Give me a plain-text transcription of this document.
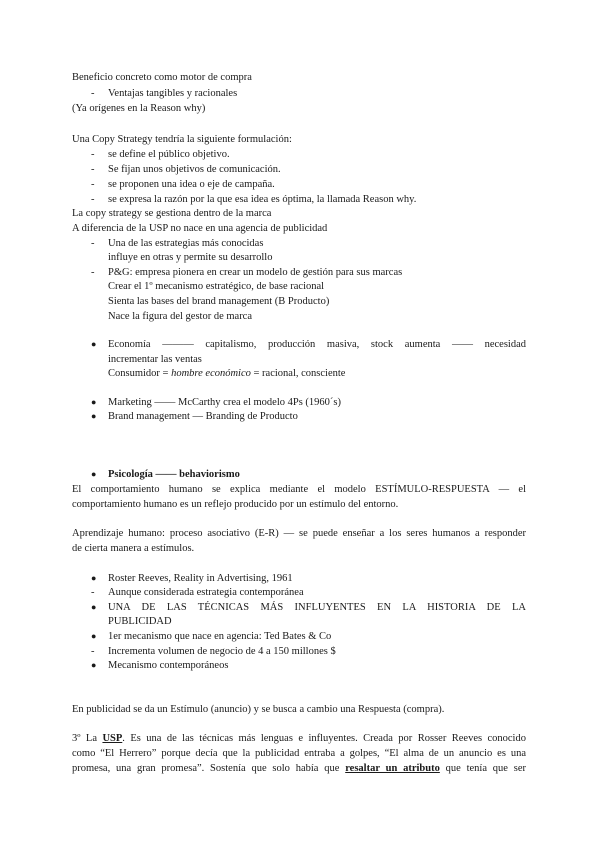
Beneficio concreto como motor de compra
- Ventajas tangibles y racionales
(Ya orígenes en la Reason why)
Una Copy Strategy tendría la siguiente formulación:
- se define el público objetivo.
- Se fijan unos objetivos de comunicación.
- se proponen una idea o eje de campaña.
- se expresa la razón por la que esa idea es óptima, la llamada Reason why.
La copy strategy se gestiona dentro de la marca
A diferencia de la USP no nace en una agencia de publicidad
- Una de las estrategias más conocidas
influye en otras y permite su desarrollo
- P&G: empresa pionera en crear un modelo de gestión para sus marcas
Crear el 1º mecanismo estratégico, de base racional
Sienta las bases del brand management (B Producto)
Nace la figura del gestor de marca
● Economía ——— capitalismo, producción masiva, stock aumenta —— necesidad
incrementar las ventas
Consumidor = hombre económico = racional, consciente
● Marketing —— McCarthy crea el modelo 4Ps (1960´s)
● Brand management — Branding de Producto
● Psicología —— behaviorismo
El comportamiento humano se explica mediante el modelo ESTÍMULO-RESPUESTA — el
comportamiento humano es un reflejo producido por un estímulo del entorno.
Aprendizaje humano: proceso asociativo (E-R) — se puede enseñar a los seres humanos a responder
de cierta manera a estímulos.
● Roster Reeves, Reality in Advertising, 1961
- Aunque considerada estrategia contemporánea
● UNA DE LAS TÉCNICAS MÁS INFLUYENTES EN LA HISTORIA DE LA
PUBLICIDAD
● 1er mecanismo que nace en agencia: Ted Bates & Co
- Incrementa volumen de negocio de 4 a 150 millones $
● Mecanismo contemporáneos
En publicidad se da un Estímulo (anuncio) y se busca a cambio una Respuesta (compra).
3º La USP. Es una de las técnicas más lenguas e influyentes. Creada por Rosser Reeves conocido
como “El Herrero” porque decía que la publicidad entraba a golpes, “El alma de un anuncio es una
promesa, una gran promesa”. Sostenía que solo había que resaltar un atributo que tenía que ser
